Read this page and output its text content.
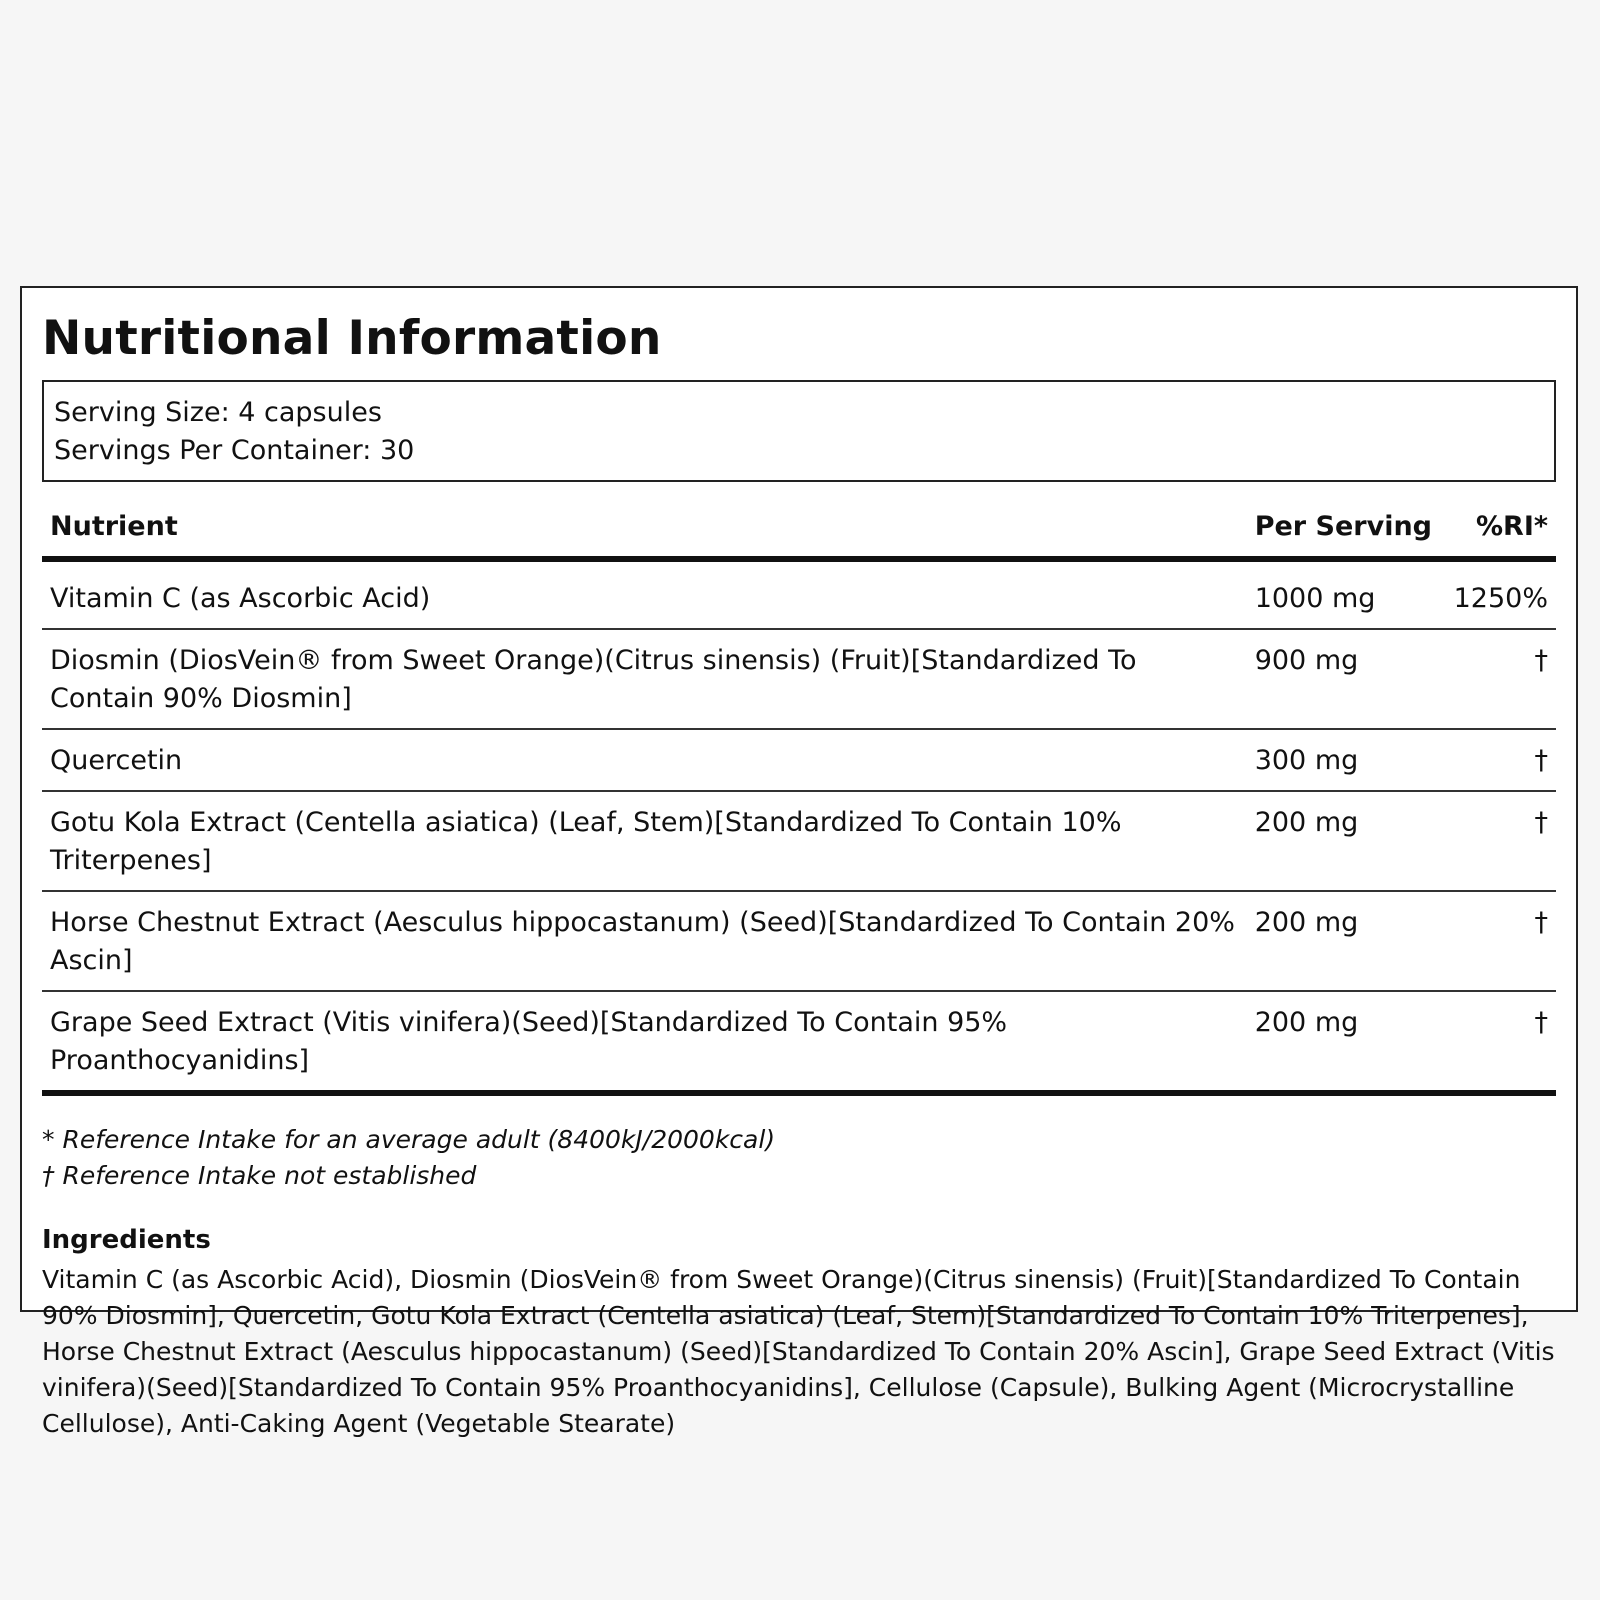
Nutritional Information
Serving Size: 4 capsules
Servings Per Container: 30
Nutrient	Per Serving	%RI*
Vitamin C (as Ascorbic Acid)	1000 mg	1250%
Diosmin (DiosVein® from Sweet Orange)(Citrus sinensis) (Fruit)[Standardized To Contain 90% Diosmin]	900 mg	†
Quercetin	300 mg	†
Gotu Kola Extract (Centella asiatica) (Leaf, Stem)[Standardized To Contain 10% Triterpenes]	200 mg	†
Horse Chestnut Extract (Aesculus hippocastanum) (Seed)[Standardized To Contain 20% Ascin]	200 mg	†
Grape Seed Extract (Vitis vinifera)(Seed)[Standardized To Contain 95% Proanthocyanidins]	200 mg	†
* Reference Intake for an average adult (8400kJ/2000kcal)
† Reference Intake not established
Ingredients
Vitamin C (as Ascorbic Acid), Diosmin (DiosVein® from Sweet Orange)(Citrus sinensis) (Fruit)[Standardized To Contain 90% Diosmin], Quercetin, Gotu Kola Extract (Centella asiatica) (Leaf, Stem)[Standardized To Contain 10% Triterpenes], Horse Chestnut Extract (Aesculus hippocastanum) (Seed)[Standardized To Contain 20% Ascin], Grape Seed Extract (Vitis vinifera)(Seed)[Standardized To Contain 95% Proanthocyanidins], Cellulose (Capsule), Bulking Agent (Microcrystalline Cellulose), Anti-Caking Agent (Vegetable Stearate)
